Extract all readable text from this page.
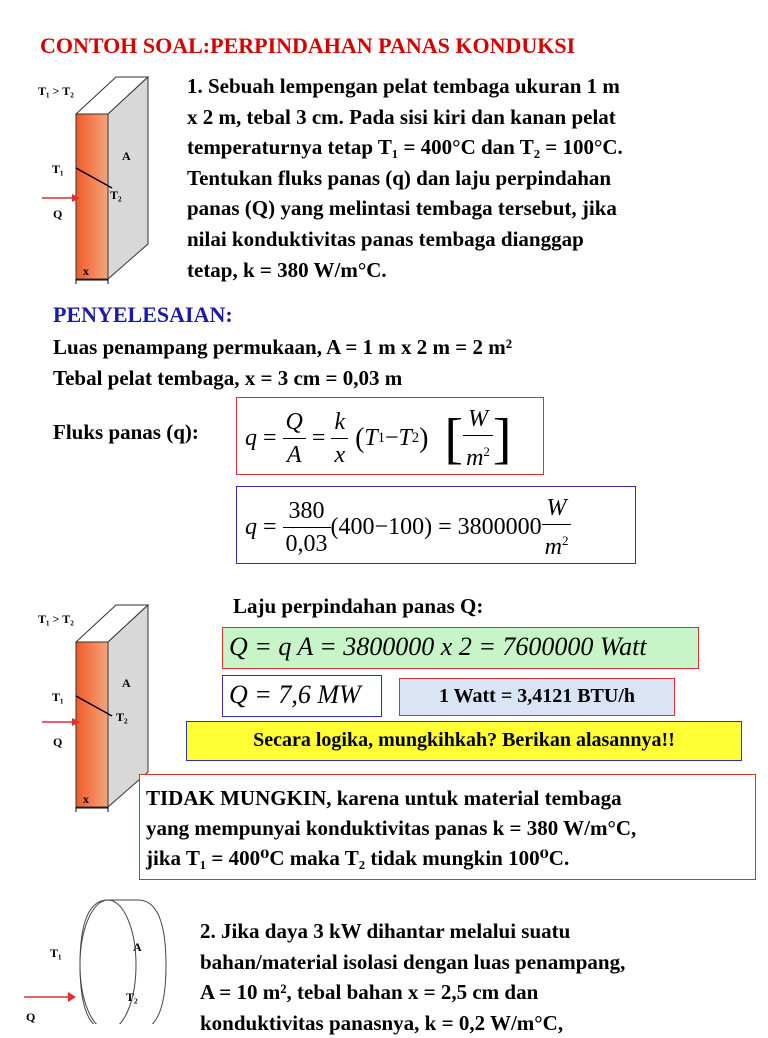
CONTOH SOAL:PERPINDAHAN PANAS KONDUKSI
T₁ > T₂
T₁
T₂
A
Q
x
1. Sebuah lempengan pelat tembaga ukuran 1 m
x 2 m, tebal 3 cm. Pada sisi kiri dan kanan pelat
temperaturnya tetap T₁ = 400°C dan T₂ = 100°C.
Tentukan fluks panas (q) dan laju perpindahan
panas (Q) yang melintasi tembaga tersebut, jika
nilai konduktivitas panas tembaga dianggap
tetap, k = 380 W/m°C.
PENYELESAIAN:
Luas penampang permukaan, A = 1 m x 2 m = 2 m²
Tebal pelat tembaga, x = 3 cm = 0,03 m
Fluks panas (q): $q = \frac{Q}{A} = \frac{k}{x}$ ( T 1 − T 2 ) [ $\frac{W}{m^2}$ ]
$q = \frac{380}{0,03} (400-100) = 3800000 \frac{W}{m^2}$
T₁ > T₂
T₁
T₂
A
Q
x
Laju perpindahan panas Q:
Q = q A = 3800000 x 2 = 7600000 Watt
Q = 7,6 MW	1 Watt = 3,4121 BTU/h
Secara logika, mungkihkah? Berikan alasannya!!
TIDAK MUNGKIN, karena untuk material tembaga
yang mempunyai konduktivitas panas k = 380 W/m°C,
jika T₁ = 400⁰C maka T₂ tidak mungkin 100⁰C.
T₁	A
T₂
Q
2. Jika daya 3 kW dihantar melalui suatu
bahan/material isolasi dengan luas penampang,
A = 10 m², tebal bahan x = 2,5 cm dan
konduktivitas panasnya, k = 0,2 W/m°C,
